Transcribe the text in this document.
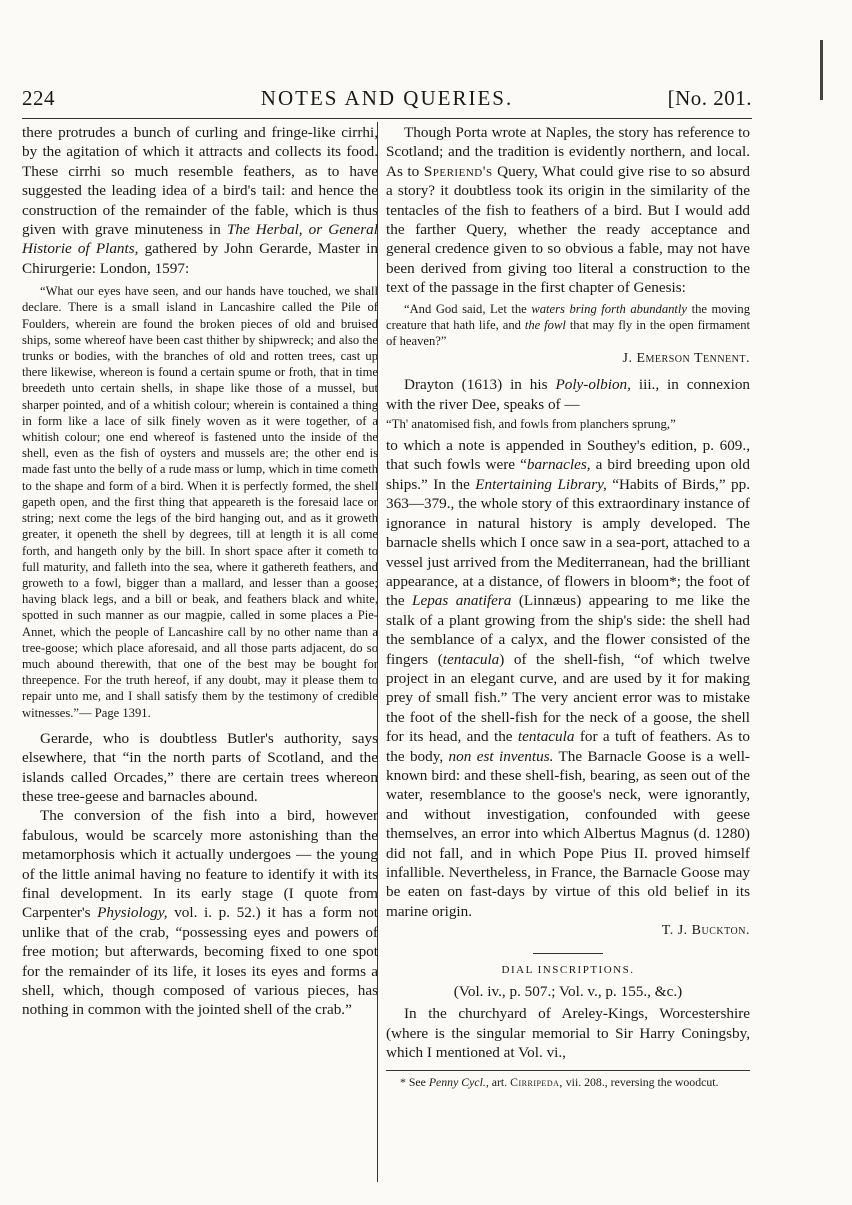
224	NOTES AND QUERIES.	[No. 201.

there protrudes a bunch of curling and fringe-like cirrhi, by the agitation of which it attracts and collects its food. These cirrhi so much resemble feathers, as to have suggested the leading idea of a bird's tail: and hence the construction of the remainder of the fable, which is thus given with grave minuteness in The Herbal, or General Historie of Plants, gathered by John Gerarde, Master in Chirurgerie: London, 1597:

“What our eyes have seen, and our hands have touched, we shall declare. There is a small island in Lancashire called the Pile of Foulders, wherein are found the broken pieces of old and bruised ships, some whereof have been cast thither by shipwreck; and also the trunks or bodies, with the branches of old and rotten trees, cast up there likewise, whereon is found a certain spume or froth, that in time breedeth unto certain shells, in shape like those of a mussel, but sharper pointed, and of a whitish colour; wherein is contained a thing in form like a lace of silk finely woven as it were together, of a whitish colour; one end whereof is fastened unto the inside of the shell, even as the fish of oysters and mussels are; the other end is made fast unto the belly of a rude mass or lump, which in time cometh to the shape and form of a bird. When it is perfectly formed, the shell gapeth open, and the first thing that appeareth is the foresaid lace or string; next come the legs of the bird hanging out, and as it groweth greater, it openeth the shell by degrees, till at length it is all come forth, and hangeth only by the bill. In short space after it cometh to full maturity, and falleth into the sea, where it gathereth feathers, and groweth to a fowl, bigger than a mallard, and lesser than a goose; having black legs, and a bill or beak, and feathers black and white, spotted in such manner as our magpie, called in some places a Pie-Annet, which the people of Lancashire call by no other name than a tree-goose; which place aforesaid, and all those parts adjacent, do so much abound therewith, that one of the best may be bought for threepence. For the truth hereof, if any doubt, may it please them to repair unto me, and I shall satisfy them by the testimony of credible witnesses.”— Page 1391.

Gerarde, who is doubtless Butler's authority, says elsewhere, that “in the north parts of Scotland, and the islands called Orcades,” there are certain trees whereon these tree-geese and barnacles abound.

The conversion of the fish into a bird, however fabulous, would be scarcely more astonishing than the metamorphosis which it actually undergoes — the young of the little animal having no feature to identify it with its final development. In its early stage (I quote from Carpenter's Physiology, vol. i. p. 52.) it has a form not unlike that of the crab, “possessing eyes and powers of free motion; but afterwards, becoming fixed to one spot for the remainder of its life, it loses its eyes and forms a shell, which, though composed of various pieces, has nothing in common with the jointed shell of the crab.”

Though Porta wrote at Naples, the story has reference to Scotland; and the tradition is evidently northern, and local. As to Speriend's Query, What could give rise to so absurd a story? it doubtless took its origin in the similarity of the tentacles of the fish to feathers of a bird. But I would add the farther Query, whether the ready acceptance and general credence given to so obvious a fable, may not have been derived from giving too literal a construction to the text of the passage in the first chapter of Genesis:

“And God said, Let the waters bring forth abundantly the moving creature that hath life, and the fowl that may fly in the open firmament of heaven?”

J. Emerson Tennent.

Drayton (1613) in his Poly-olbion, iii., in connexion with the river Dee, speaks of —

“Th' anatomised fish, and fowls from planchers sprung,”

to which a note is appended in Southey's edition, p. 609., that such fowls were “barnacles, a bird breeding upon old ships.” In the Entertaining Library, “Habits of Birds,” pp. 363—379., the whole story of this extraordinary instance of ignorance in natural history is amply developed. The barnacle shells which I once saw in a sea-port, attached to a vessel just arrived from the Mediterranean, had the brilliant appearance, at a distance, of flowers in bloom*; the foot of the Lepas anatifera (Linnæus) appearing to me like the stalk of a plant growing from the ship's side: the shell had the semblance of a calyx, and the flower consisted of the fingers (tentacula) of the shell-fish, “of which twelve project in an elegant curve, and are used by it for making prey of small fish.” The very ancient error was to mistake the foot of the shell-fish for the neck of a goose, the shell for its head, and the tentacula for a tuft of feathers. As to the body, non est inventus. The Barnacle Goose is a well-known bird: and these shell-fish, bearing, as seen out of the water, resemblance to the goose's neck, were ignorantly, and without investigation, confounded with geese themselves, an error into which Albertus Magnus (d. 1280) did not fall, and in which Pope Pius II. proved himself infallible. Nevertheless, in France, the Barnacle Goose may be eaten on fast-days by virtue of this old belief in its marine origin.

T. J. Buckton.

DIAL INSCRIPTIONS.

(Vol. iv., p. 507.; Vol. v., p. 155., &c.)

In the churchyard of Areley-Kings, Worcestershire (where is the singular memorial to Sir Harry Coningsby, which I mentioned at Vol. vi.,

* See Penny Cycl., art. Cirripeda, vii. 208., reversing the woodcut.
